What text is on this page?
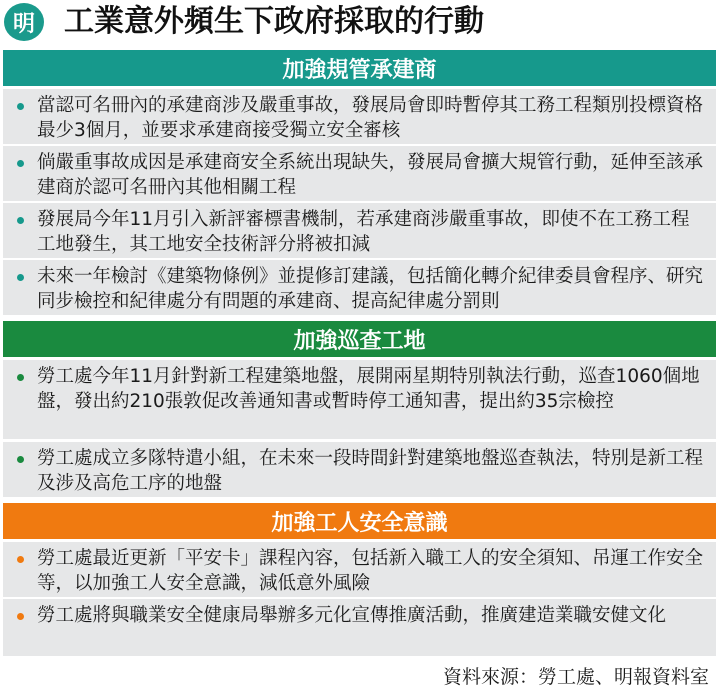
明 工業意外頻生下政府採取的行動
加強規管承建商
當認可名冊內的承建商涉及嚴重事故，發展局會即時暫停其工務工程類別投標資格最少3個月，並要求承建商接受獨立安全審核
倘嚴重事故成因是承建商安全系統出現缺失，發展局會擴大規管行動，延伸至該承建商於認可名冊內其他相關工程
發展局今年11月引入新評審標書機制，若承建商涉嚴重事故，即使不在工務工程工地發生，其工地安全技術評分將被扣減
未來一年檢討《建築物條例》並提修訂建議，包括簡化轉介紀律委員會程序、研究同步檢控和紀律處分有問題的承建商、提高紀律處分罰則
加強巡查工地
勞工處今年11月針對新工程建築地盤，展開兩星期特別執法行動，巡查1060個地盤，發出約210張敦促改善通知書或暫時停工通知書，提出約35宗檢控
勞工處成立多隊特遣小組，在未來一段時間針對建築地盤巡查執法，特別是新工程及涉及高危工序的地盤
加強工人安全意識
勞工處最近更新「平安卡」課程內容，包括新入職工人的安全須知、吊運工作安全等，以加強工人安全意識，減低意外風險
勞工處將與職業安全健康局舉辦多元化宣傳推廣活動，推廣建造業職安健文化
資料來源：勞工處、明報資料室
